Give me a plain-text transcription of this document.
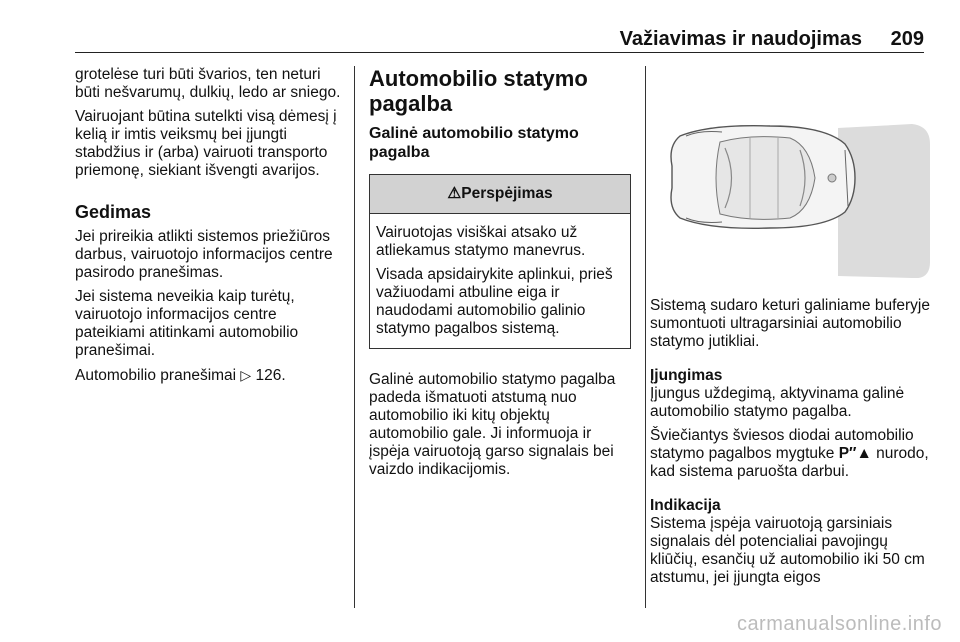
Važiavimas ir naudojimas 209

grotelėse turi būti švarios, ten neturi būti nešvarumų, dulkių, ledo ar sniego.

Vairuojant būtina sutelkti visą dėmesį į kelią ir imtis veiksmų bei įjungti stabdžius ir (arba) vairuoti transporto priemonę, siekiant išvengti avarijos.

Gedimas

Jei prireikia atlikti sistemos priežiūros darbus, vairuotojo informacijos centre pasirodo pranešimas.

Jei sistema neveikia kaip turėtų, vairuotojo informacijos centre pateikiami atitinkami automobilio pranešimai.

Automobilio pranešimai ▷ 126.

Automobilio statymo pagalba
Galinė automobilio statymo pagalba
⚠Perspėjimas

Vairuotojas visiškai atsako už atliekamus statymo manevrus.

Visada apsidairykite aplinkui, prieš važiuodami atbuline eiga ir naudodami automobilio galinio statymo pagalbos sistemą.

Galinė automobilio statymo pagalba padeda išmatuoti atstumą nuo automobilio iki kitų objektų automobilio gale. Ji informuoja ir įspėja vairuotoją garso signalais bei vaizdo indikacijomis.

Sistemą sudaro keturi galiniame buferyje sumontuoti ultragarsiniai automobilio statymo jutikliai.

Įjungimas

Įjungus uždegimą, aktyvinama galinė automobilio statymo pagalba.

Šviečiantys šviesos diodai automobilio statymo pagalbos mygtuke P″▲ nurodo, kad sistema paruošta darbui.

Indikacija

Sistema įspėja vairuotoją garsiniais signalais dėl potencialiai pavojingų kliūčių, esančių už automobilio iki 50 cm atstumu, jei įjungta eigos

carmanualsonline.info
